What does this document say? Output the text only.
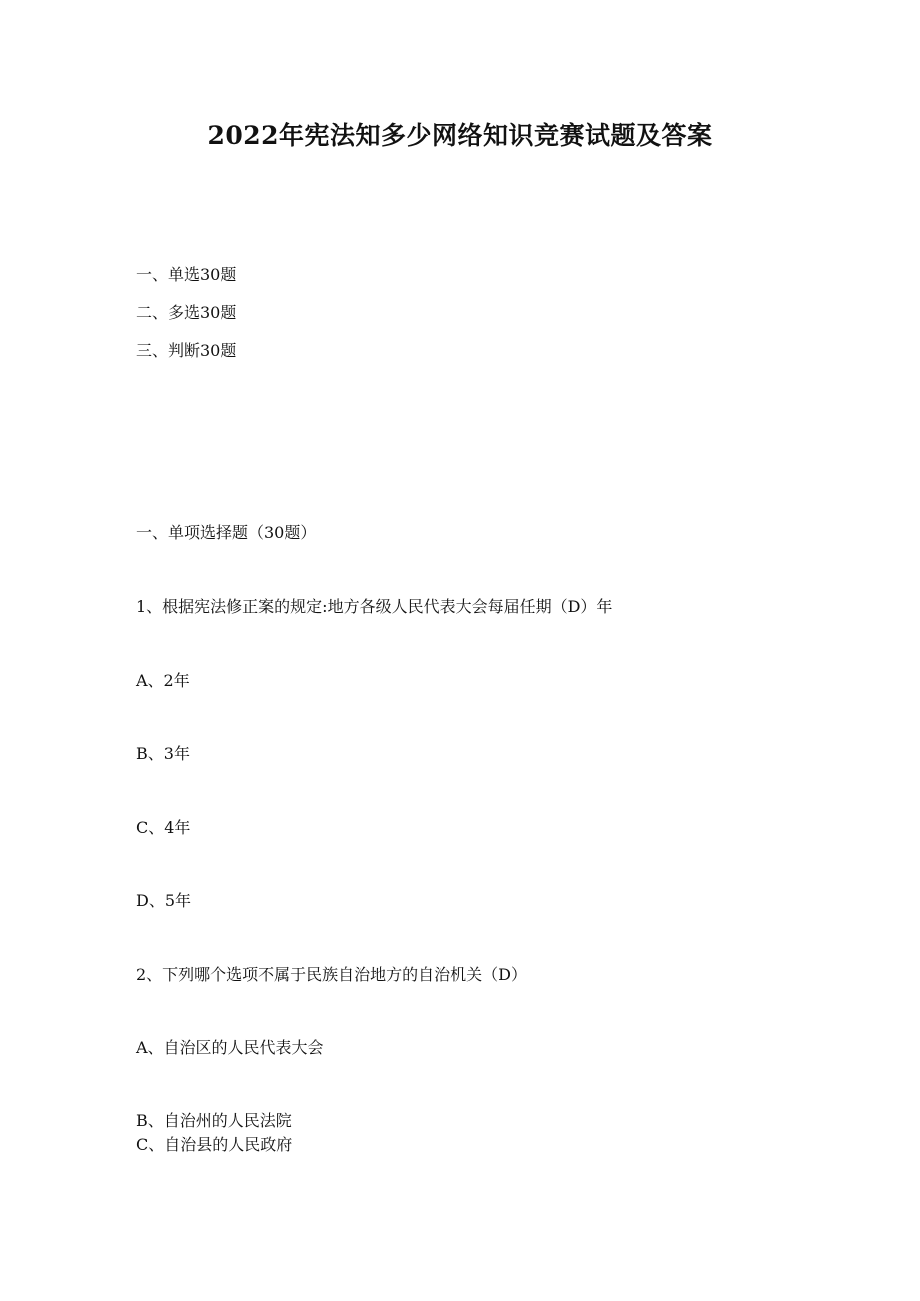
2022年宪法知多少网络知识竞赛试题及答案
一、单选30题
二、多选30题
三、判断30题
一、单项选择题（30题）
1、根据宪法修正案的规定:地方各级人民代表大会每届任期（D）年
A、2年
B、3年
C、4年
D、5年
2、下列哪个选项不属于民族自治地方的自治机关（D）
A、自治区的人民代表大会
B、自治州的人民法院
C、自治县的人民政府
